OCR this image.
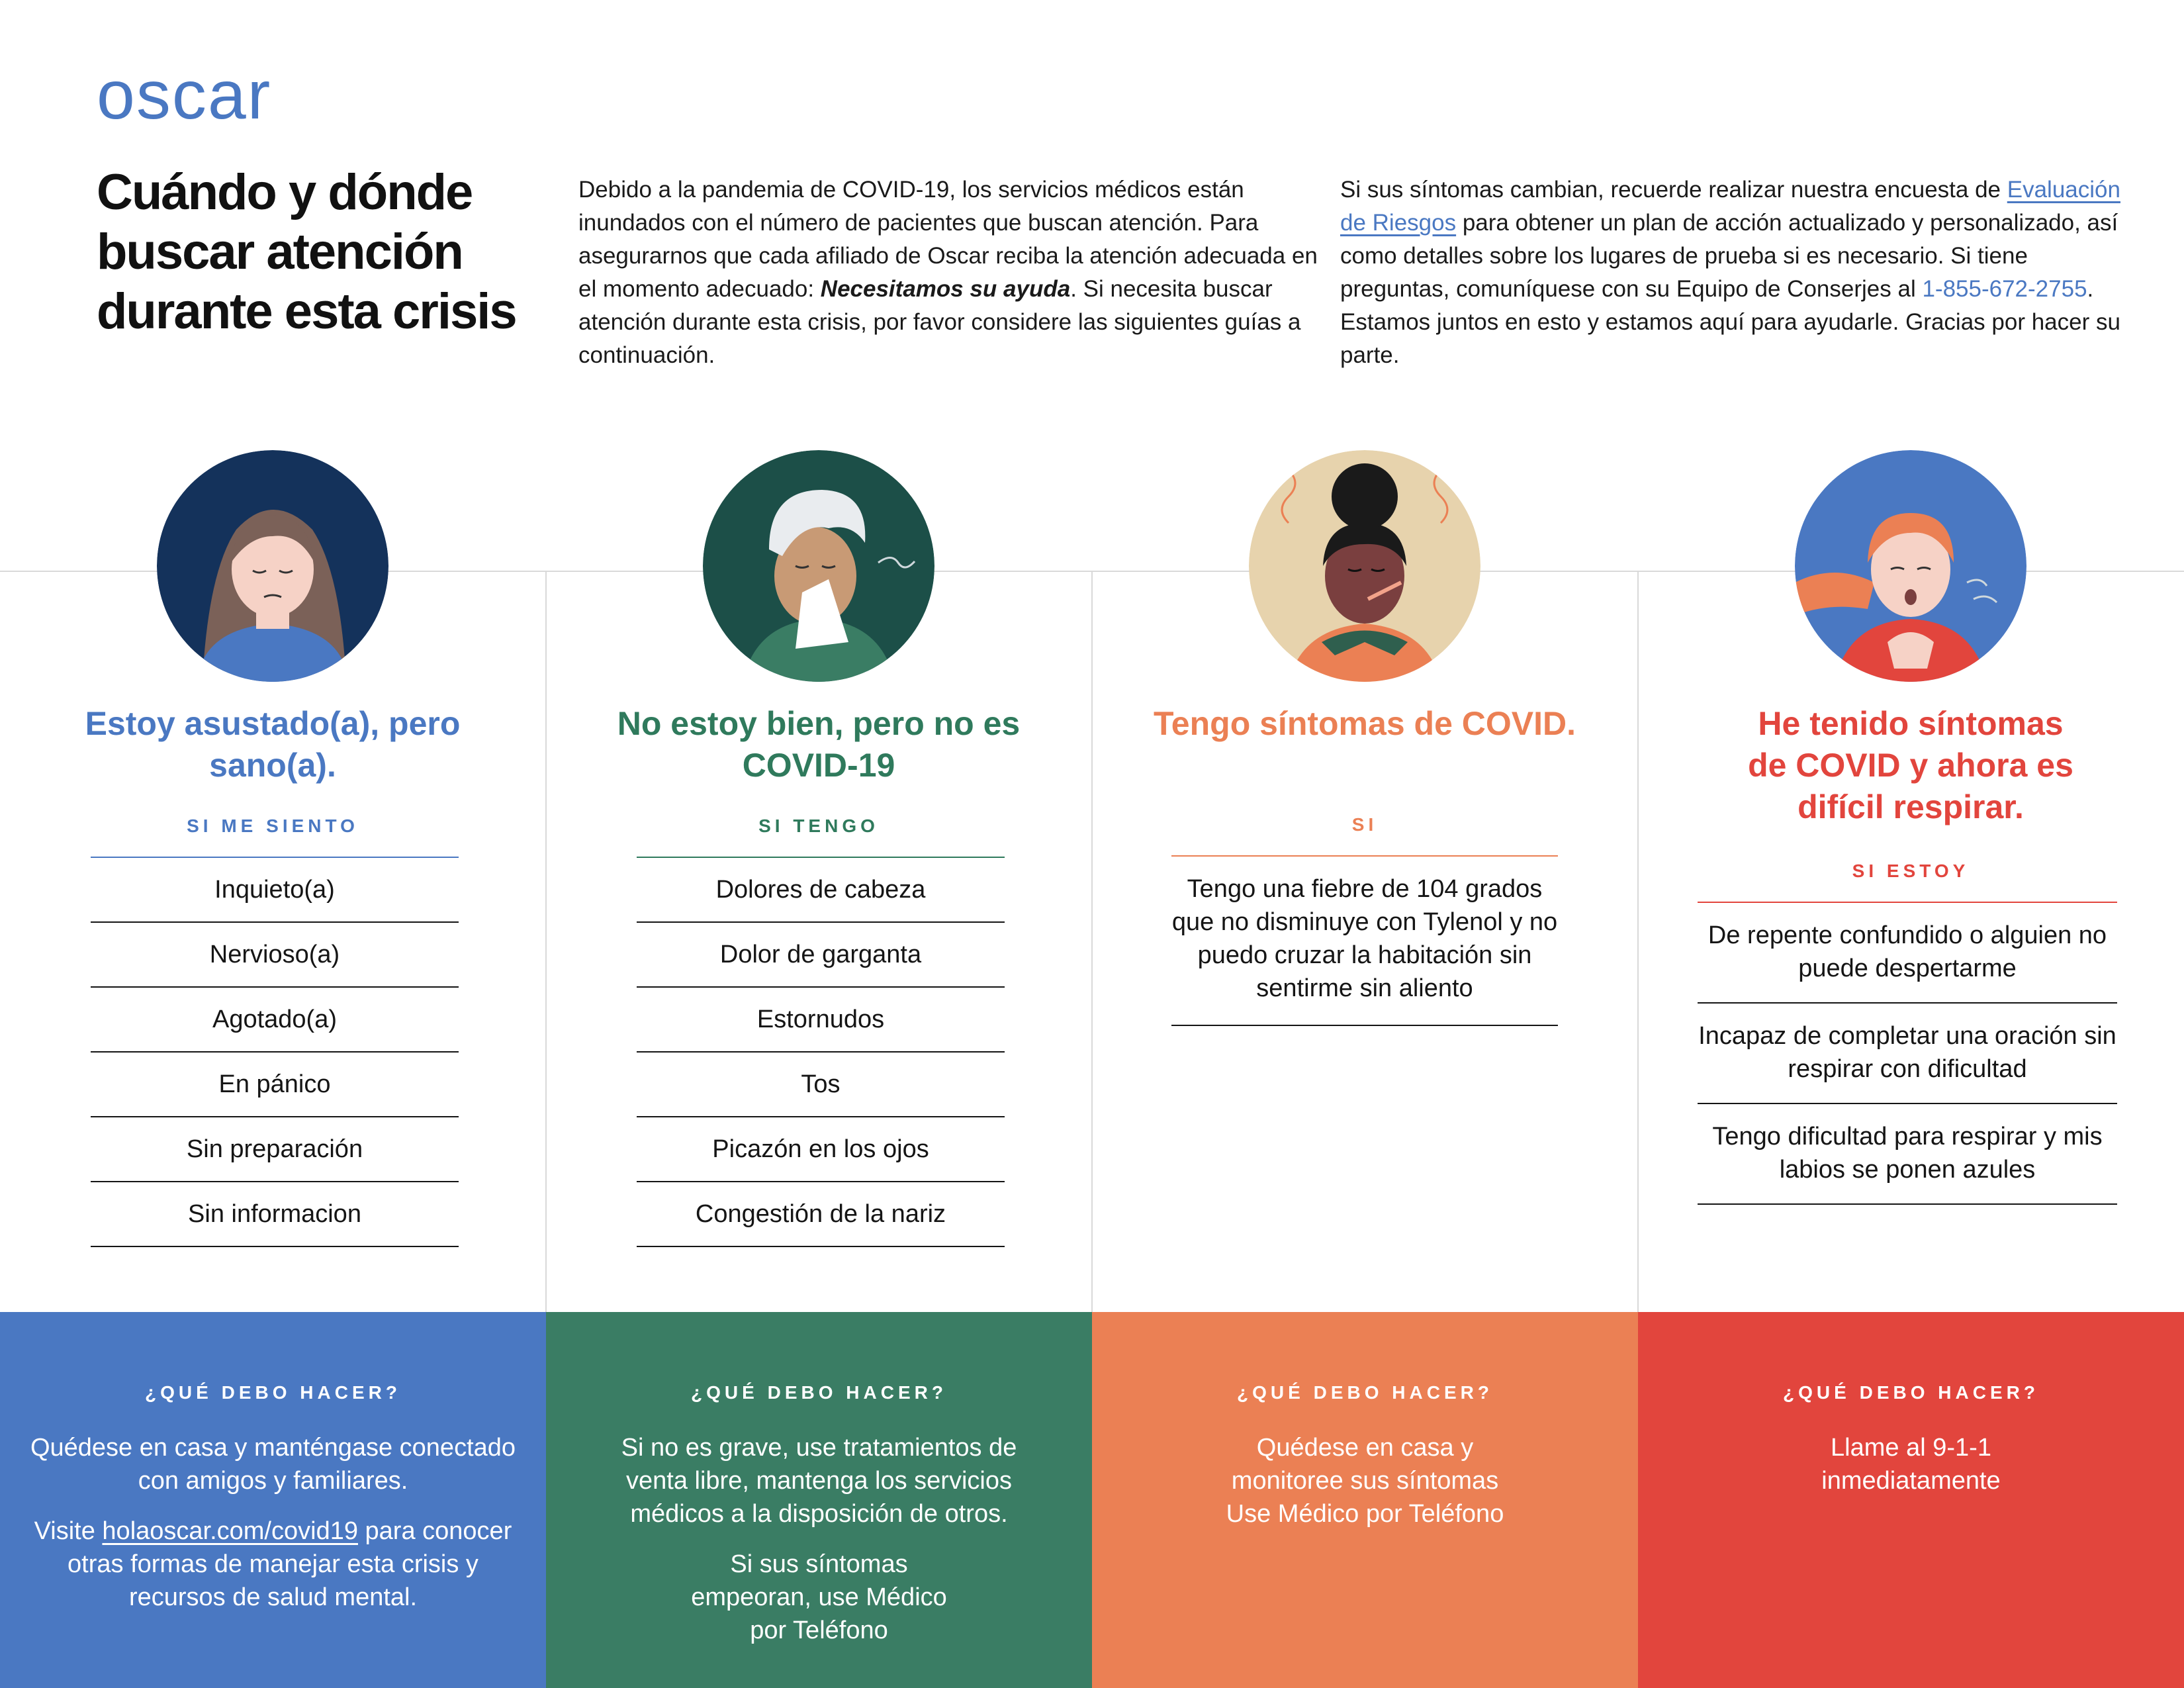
oscar
Cuándo y dónde buscar atención durante esta crisis

Debido a la pandemia de COVID-19, los servicios médicos están inundados con el número de pacientes que buscan atención. Para asegurarnos que cada afiliado de Oscar reciba la atención adecuada en el momento adecuado: Necesitamos su ayuda. Si necesita buscar atención durante esta crisis, por favor considere las siguientes guías a continuación.

Si sus síntomas cambian, recuerde realizar nuestra encuesta de Evaluación de Riesgos para obtener un plan de acción actualizado y personalizado, así como detalles sobre los lugares de prueba si es necesario. Si tiene preguntas, comuníquese con su Equipo de Conserjes al 1-855-672-2755. Estamos juntos en esto y estamos aquí para ayudarle. Gracias por hacer su parte.

Estoy asustado(a), pero sano(a).
SI ME SIENTO
Inquieto(a)
Nervioso(a)
Agotado(a)
En pánico
Sin preparación
Sin informacion
No estoy bien, pero no es COVID-19
SI TENGO
Dolores de cabeza
Dolor de garganta
Estornudos
Tos
Picazón en los ojos
Congestión de la nariz
Tengo síntomas de COVID.
SI
Tengo una fiebre de 104 grados que no disminuye con Tylenol y no puedo cruzar la habitación sin sentirme sin aliento
He tenido síntomas de COVID y ahora es difícil respirar.
SI ESTOY
De repente confundido o alguien no puede despertarme
Incapaz de completar una oración sin respirar con dificultad
Tengo dificultad para respirar y mis labios se ponen azules
¿QUÉ DEBO HACER?

Quédese en casa y manténgase conectado con amigos y familiares.

Visite holaoscar.com/covid19 para conocer otras formas de manejar esta crisis y recursos de salud mental.

¿QUÉ DEBO HACER?

Si no es grave, use tratamientos de venta libre, mantenga los servicios médicos a la disposición de otros.

Si sus síntomas empeoran, use Médico por Teléfono

¿QUÉ DEBO HACER?

Quédese en casa y monitoree sus síntomas

Use Médico por Teléfono

¿QUÉ DEBO HACER?

Llame al 9-1-1 inmediatamente
